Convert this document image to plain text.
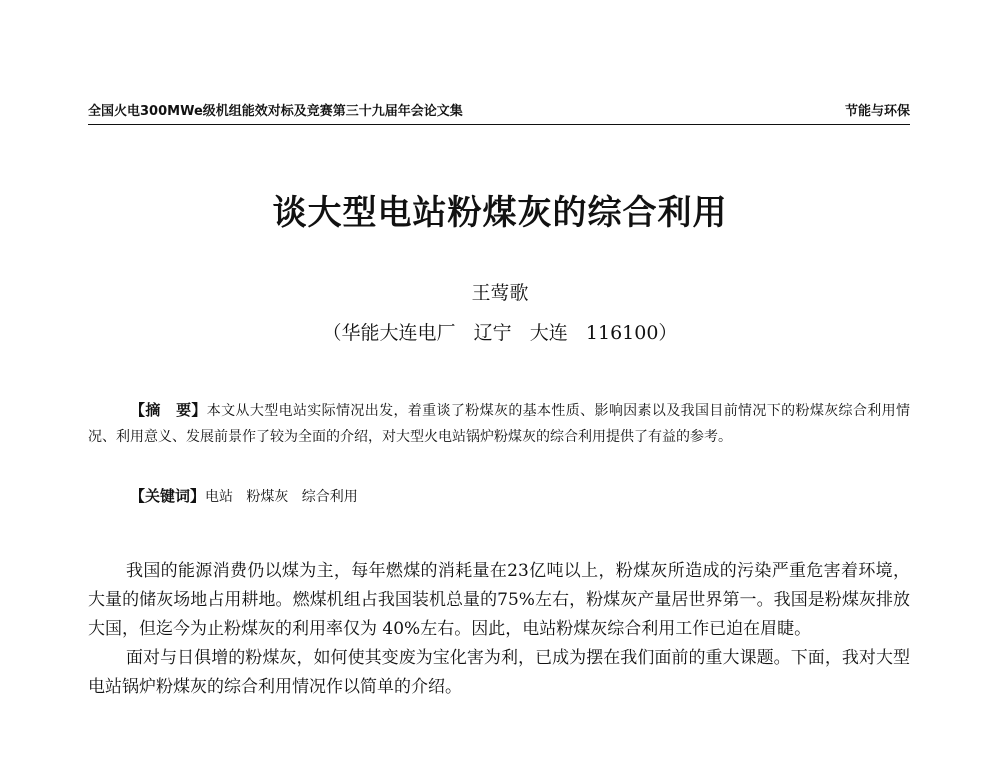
全国火电300MWe级机组能效对标及竞赛第三十九届年会论文集	节能与环保
谈大型电站粉煤灰的综合利用
王莺歌
（华能大连电厂   辽宁   大连   116100）
【摘　要】本文从大型电站实际情况出发，着重谈了粉煤灰的基本性质、影响因素以及我国目前情况下的粉煤灰综合利用情况、利用意义、发展前景作了较为全面的介绍，对大型火电站锅炉粉煤灰的综合利用提供了有益的参考。
【关键词】电站   粉煤灰   综合利用

我国的能源消费仍以煤为主，每年燃煤的消耗量在23亿吨以上，粉煤灰所造成的污染严重危害着环境，大量的储灰场地占用耕地。燃煤机组占我国装机总量的75%左右，粉煤灰产量居世界第一。我国是粉煤灰排放大国，但迄今为止粉煤灰的利用率仅为 40%左右。因此，电站粉煤灰综合利用工作已迫在眉睫。

面对与日俱增的粉煤灰，如何使其变废为宝化害为利，已成为摆在我们面前的重大课题。下面，我对大型电站锅炉粉煤灰的综合利用情况作以简单的介绍。
